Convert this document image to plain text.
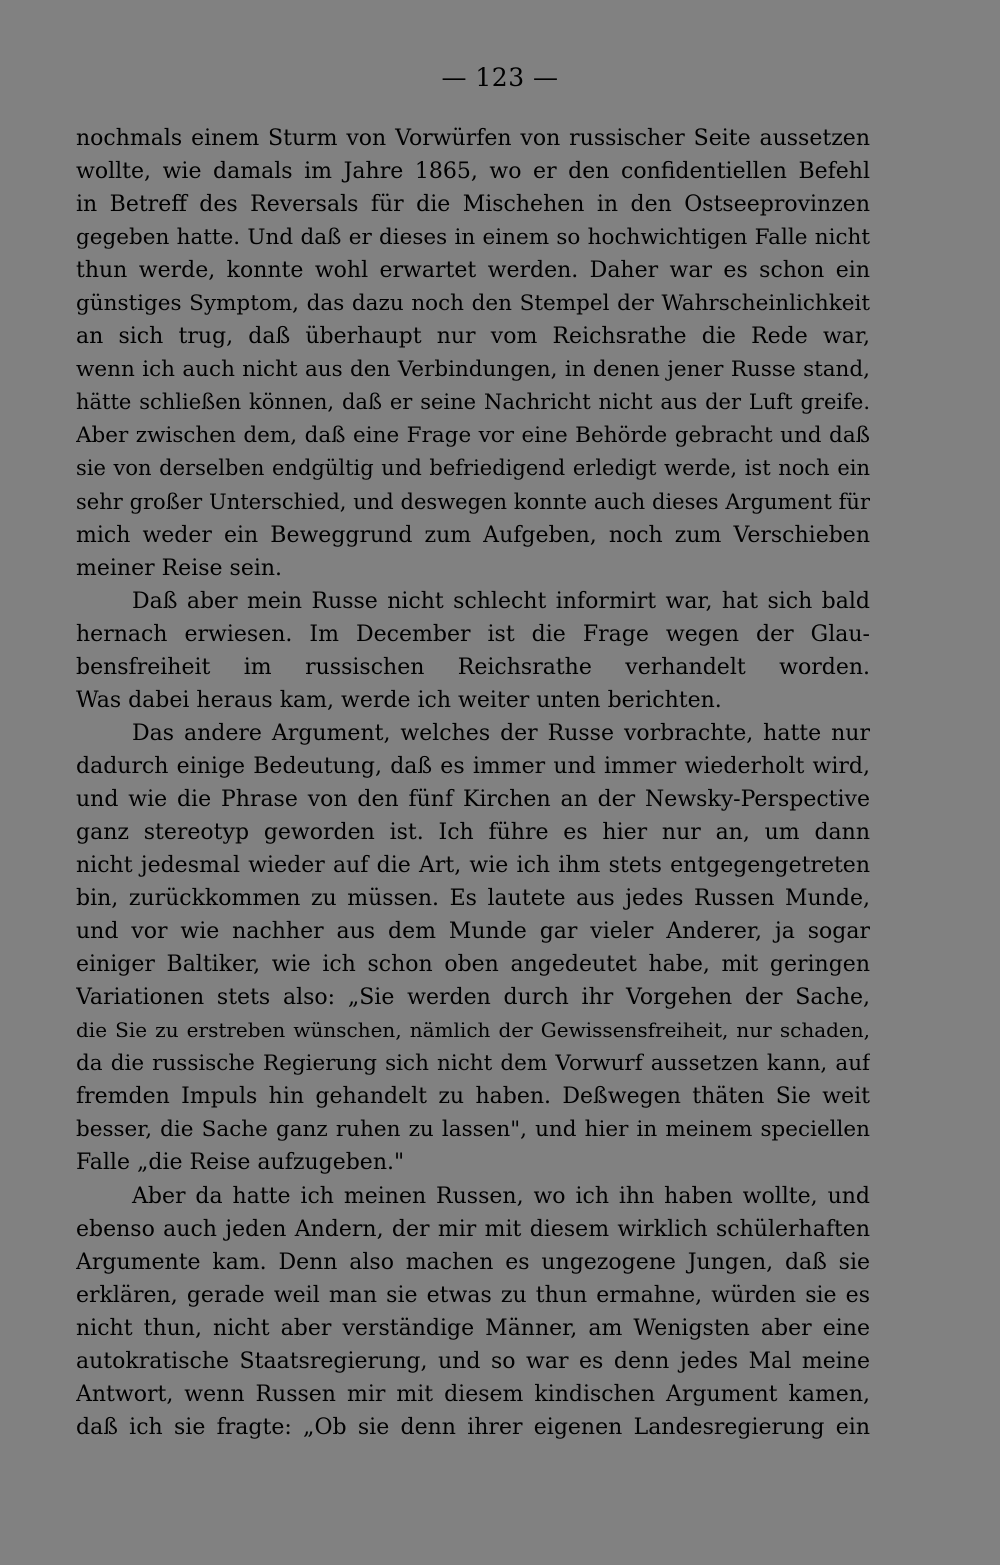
— 123 —
nochmals einem Sturm von Vorwürfen von russischer Seite aussetzen
wollte, wie damals im Jahre 1865, wo er den confidentiellen Befehl
in Betreff des Reversals für die Mischehen in den Ostseeprovinzen
gegeben hatte. Und daß er dieses in einem so hochwichtigen Falle nicht
thun werde, konnte wohl erwartet werden. Daher war es schon ein
günstiges Symptom, das dazu noch den Stempel der Wahrscheinlichkeit
an sich trug, daß überhaupt nur vom Reichsrathe die Rede war,
wenn ich auch nicht aus den Verbindungen, in denen jener Russe stand,
hätte schließen können, daß er seine Nachricht nicht aus der Luft greife.
Aber zwischen dem, daß eine Frage vor eine Behörde gebracht und daß
sie von derselben endgültig und befriedigend erledigt werde, ist noch ein
sehr großer Unterschied, und deswegen konnte auch dieses Argument für
mich weder ein Beweggrund zum Aufgeben, noch zum Verschieben
meiner Reise sein.
Daß aber mein Russe nicht schlecht informirt war, hat sich bald
hernach erwiesen. Im December ist die Frage wegen der Glau-
bensfreiheit im russischen Reichsrathe verhandelt worden.
Was dabei heraus kam, werde ich weiter unten berichten.
Das andere Argument, welches der Russe vorbrachte, hatte nur
dadurch einige Bedeutung, daß es immer und immer wiederholt wird,
und wie die Phrase von den fünf Kirchen an der Newsky-Perspective
ganz stereotyp geworden ist. Ich führe es hier nur an, um dann
nicht jedesmal wieder auf die Art, wie ich ihm stets entgegengetreten
bin, zurückkommen zu müssen. Es lautete aus jedes Russen Munde,
und vor wie nachher aus dem Munde gar vieler Anderer, ja sogar
einiger Baltiker, wie ich schon oben angedeutet habe, mit geringen
Variationen stets also: „Sie werden durch ihr Vorgehen der Sache,
die Sie zu erstreben wünschen, nämlich der Gewissensfreiheit, nur schaden,
da die russische Regierung sich nicht dem Vorwurf aussetzen kann, auf
fremden Impuls hin gehandelt zu haben. Deßwegen thäten Sie weit
besser, die Sache ganz ruhen zu lassen", und hier in meinem speciellen
Falle „die Reise aufzugeben."
Aber da hatte ich meinen Russen, wo ich ihn haben wollte, und
ebenso auch jeden Andern, der mir mit diesem wirklich schülerhaften
Argumente kam. Denn also machen es ungezogene Jungen, daß sie
erklären, gerade weil man sie etwas zu thun ermahne, würden sie es
nicht thun, nicht aber verständige Männer, am Wenigsten aber eine
autokratische Staatsregierung, und so war es denn jedes Mal meine
Antwort, wenn Russen mir mit diesem kindischen Argument kamen,
daß ich sie fragte: „Ob sie denn ihrer eigenen Landesregierung ein
